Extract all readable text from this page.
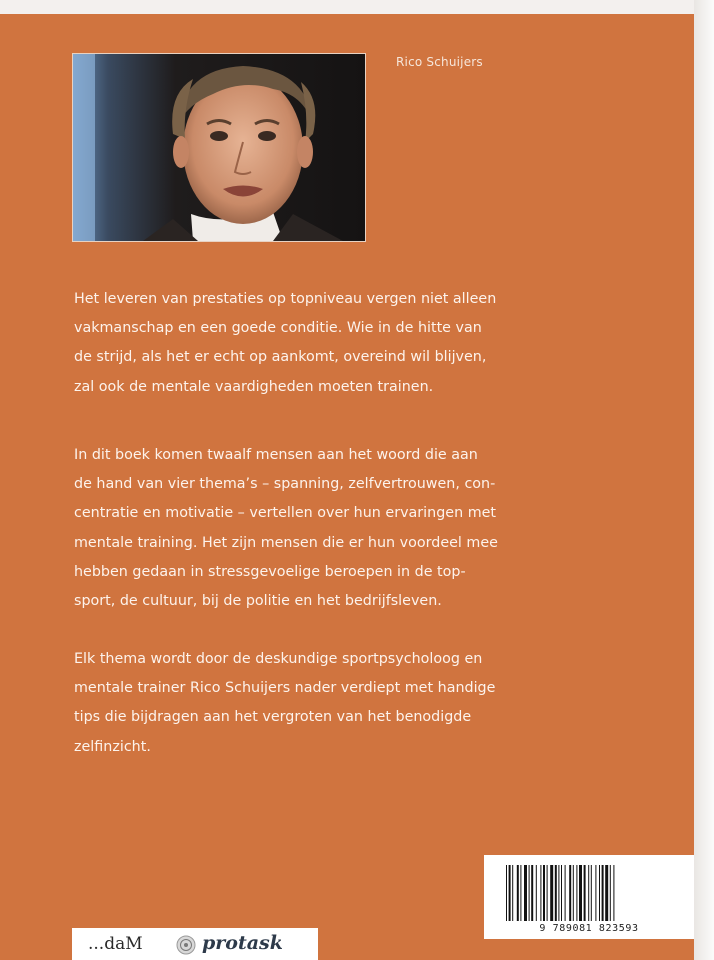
Rico Schuijers
Het leveren van prestaties op topniveau vergen niet alleen
vakmanschap en een goede conditie. Wie in de hitte van
de strijd, als het er echt op aankomt, overeind wil blijven,
zal ook de mentale vaardigheden moeten trainen.
In dit boek komen twaalf mensen aan het woord die aan
de hand van vier thema’s – spanning, zelfvertrouwen, con-
centratie en motivatie – vertellen over hun ervaringen met
mentale training. Het zijn mensen die er hun voordeel mee
hebben gedaan in stressgevoelige beroepen in de top-
sport, de cultuur, bij de politie en het bedrijfsleven.
Elk thema wordt door de deskundige sportpsycholoog en
mentale trainer Rico Schuijers nader verdiept met handige
tips die bijdragen aan het vergroten van het benodigde
zelfinzicht.
9 789081 823593
...daM	protask
